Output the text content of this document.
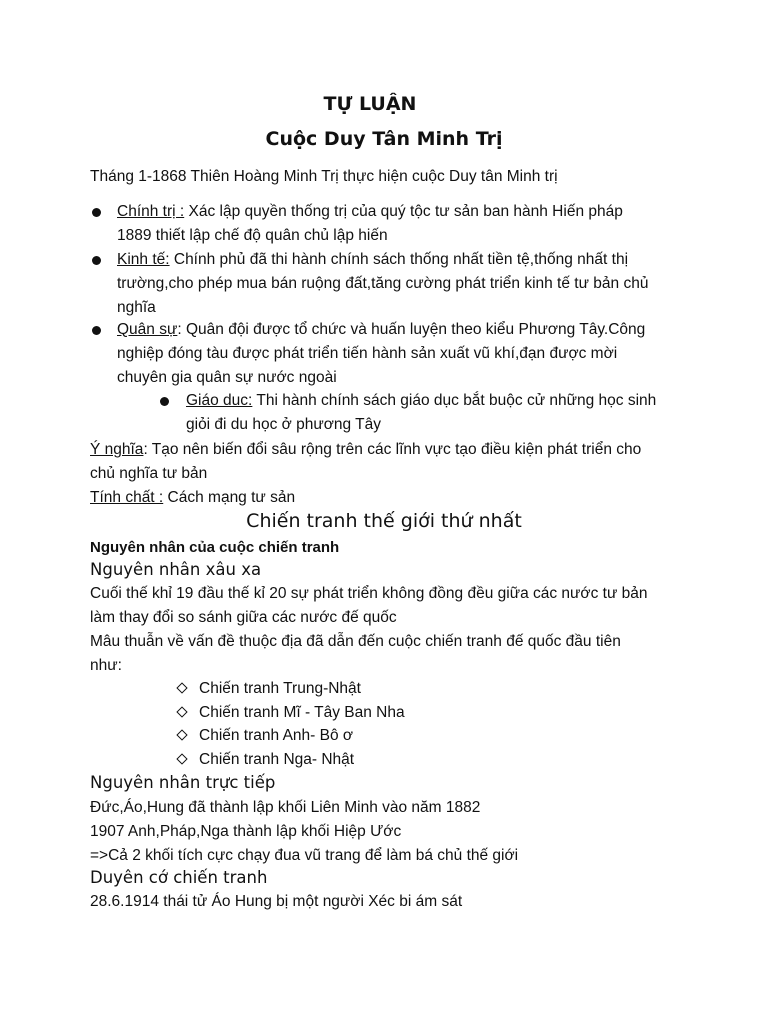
TỰ LUẬN
Cuộc Duy Tân Minh Trị
Tháng 1-1868 Thiên Hoàng Minh Trị thực hiện cuộc Duy tân Minh trị
Chính trị : Xác lập quyền thống trị của quý tộc tư sản ban hành Hiến pháp
1889 thiết lập chế độ quân chủ lập hiến
Kinh tế: Chính phủ đã thi hành chính sách thống nhất tiền tệ,thống nhất thị
trường,cho phép mua bán ruộng đất,tăng cường phát triển kinh tế tư bản chủ
nghĩa
Quân sự: Quân đội được tổ chức và huấn luyện theo kiểu Phương Tây.Công
nghiệp đóng tàu được phát triển tiến hành sản xuất vũ khí,đạn được mời
chuyên gia quân sự nước ngoài
Giáo duc: Thi hành chính sách giáo dục bắt buộc cử những học sinh
giỏi đi du học ở phương Tây
Ý nghĩa: Tạo nên biến đổi sâu rộng trên các lĩnh vực tạo điều kiện phát triển cho
chủ nghĩa tư bản
Tính chất : Cách mạng tư sản
Chiến tranh thế giới thứ nhất
Nguyên nhân của cuộc chiến tranh
Nguyên nhân xâu xa
Cuối thế khỉ 19 đầu thế kỉ 20 sự phát triển không đồng đều giữa các nước tư bản
làm thay đổi so sánh giữa các nước đế quốc
Mâu thuẫn về vấn đề thuộc địa đã dẫn đến cuộc chiến tranh đế quốc đầu tiên
như:
Chiến tranh Trung-Nhật
Chiến tranh Mĩ - Tây Ban Nha
Chiến tranh Anh- Bô ơ
Chiến tranh Nga- Nhật
Nguyên nhân trực tiếp
Đức,Áo,Hung đã thành lập khối Liên Minh vào năm 1882
1907 Anh,Pháp,Nga thành lập khối Hiệp Ước
=>Cả 2 khối tích cực chạy đua vũ trang để làm bá chủ thế giới
Duyên cớ chiến tranh
28.6.1914 thái tử Áo Hung bị một người Xéc bi ám sát
